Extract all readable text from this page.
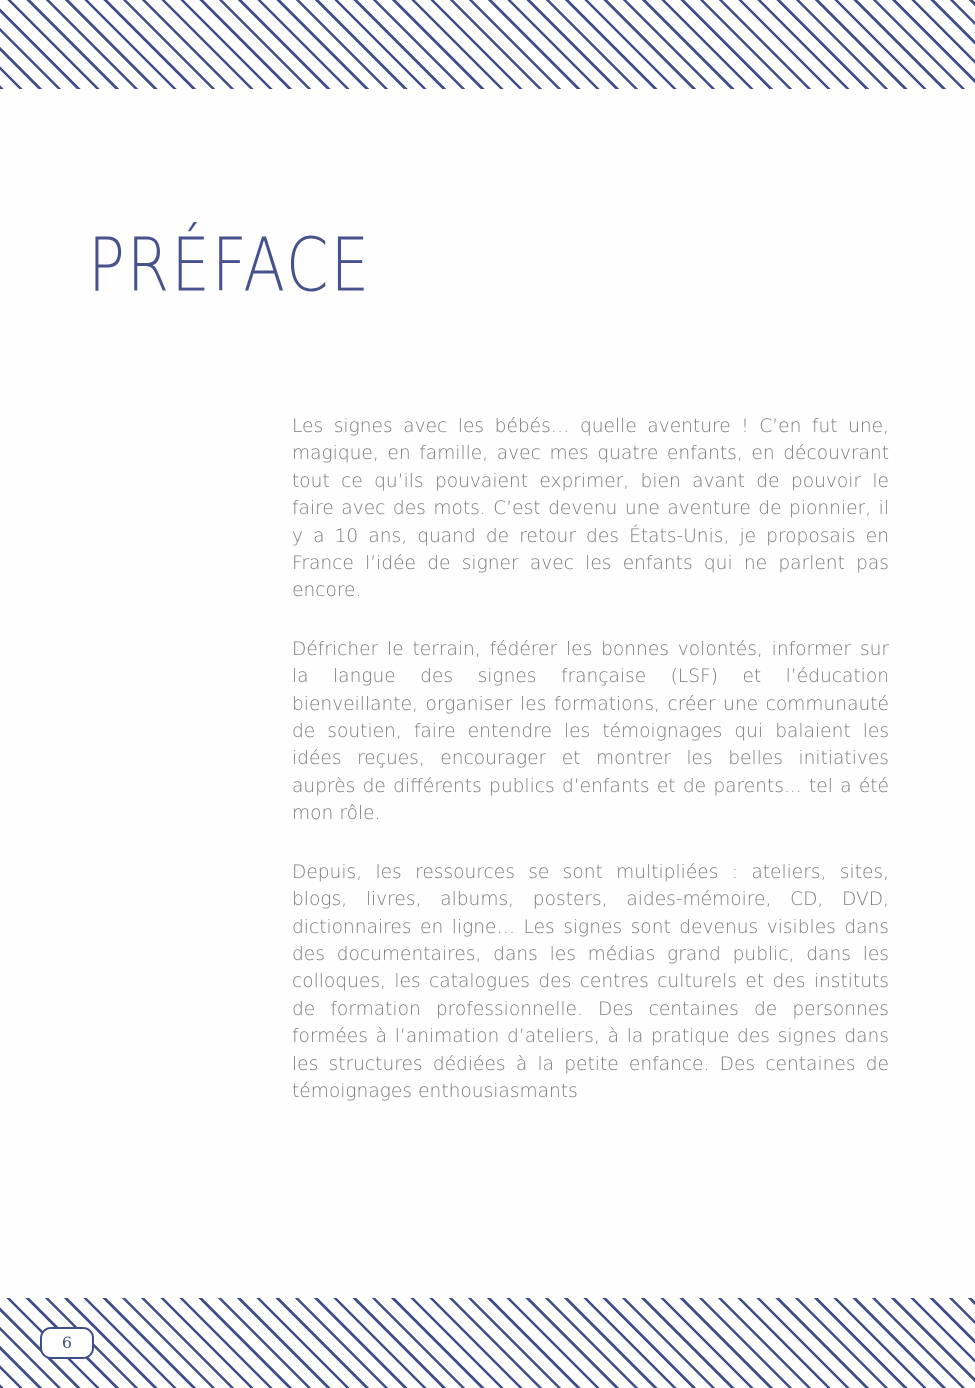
PRÉFACE

Les signes avec les bébés… quelle aventure ! C’en fut une, magique, en famille, avec mes quatre enfants, en découvrant tout ce qu’ils pouvaient exprimer, bien avant de pouvoir le faire avec des mots. C’est devenu une aventure de pionnier, il y a 10 ans, quand de retour des États-Unis, je proposais en France l’idée de signer avec les enfants qui ne parlent pas encore.

Défricher le terrain, fédérer les bonnes volontés, informer sur la langue des signes française (LSF) et l’éducation bienveillante, organiser les formations, créer une communauté de soutien, faire entendre les témoignages qui balaient les idées reçues, encourager et montrer les belles initiatives auprès de différents publics d’enfants et de parents... tel a été mon rôle.

Depuis, les ressources se sont multipliées : ateliers, sites, blogs, livres, albums, posters, aides-mémoire, CD, DVD, dictionnaires en ligne… Les signes sont devenus visibles dans des documentaires, dans les médias grand public, dans les colloques, les catalogues des centres culturels et des instituts de formation professionnelle. Des centaines de personnes formées à l’animation d’ateliers, à la pratique des signes dans les structures dédiées à la petite enfance. Des centaines de témoignages enthousiasmants

6
